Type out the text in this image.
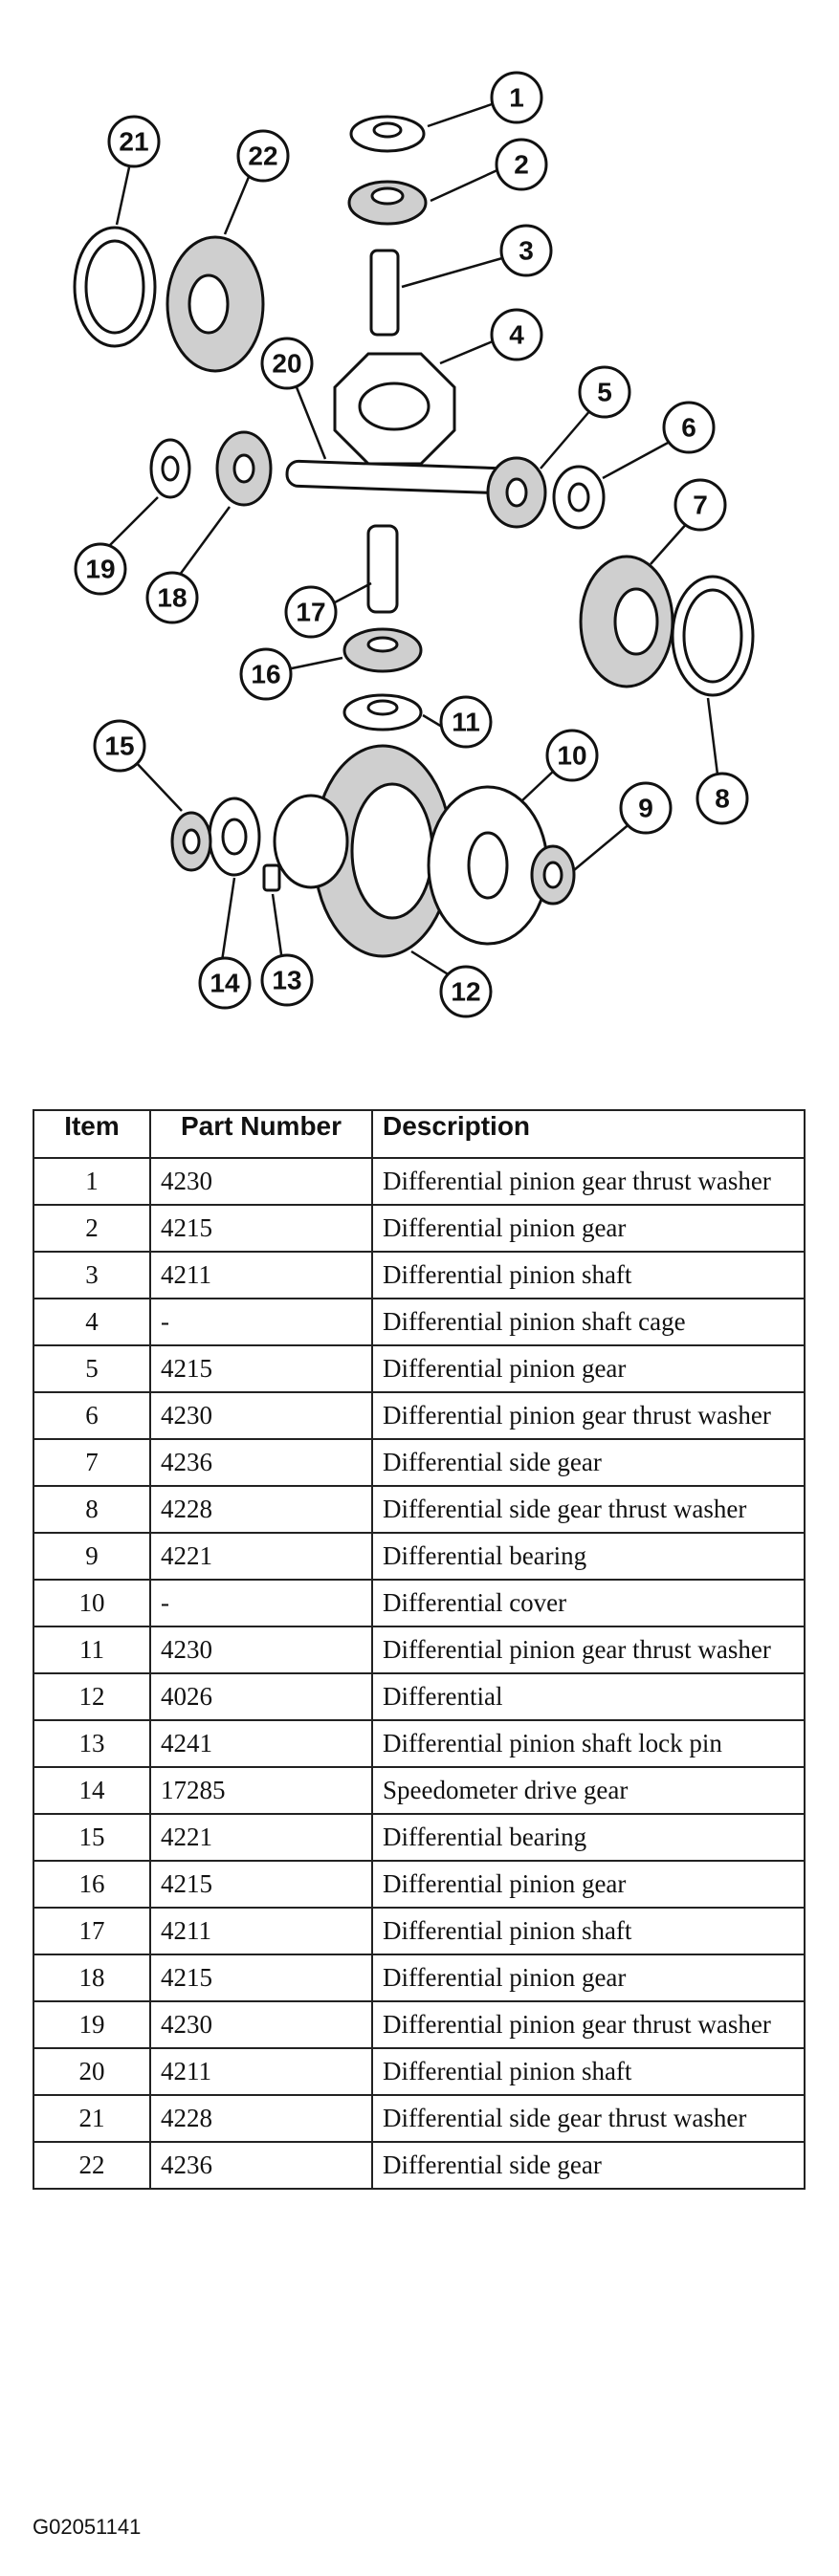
1
2
3
4
20
5
6
7
8
9
10
11
12
13
14
15
16
17
18
19
21	22
Item	Part Number	Description
1	4230	Differential pinion gear thrust washer
2	4215	Differential pinion gear
3	4211	Differential pinion shaft
4	-	Differential pinion shaft cage
5	4215	Differential pinion gear
6	4230	Differential pinion gear thrust washer
7	4236	Differential side gear
8	4228	Differential side gear thrust washer
9	4221	Differential bearing
10	-	Differential cover
11	4230	Differential pinion gear thrust washer
12	4026	Differential
13	4241	Differential pinion shaft lock pin
14	17285	Speedometer drive gear
15	4221	Differential bearing
16	4215	Differential pinion gear
17	4211	Differential pinion shaft
18	4215	Differential pinion gear
19	4230	Differential pinion gear thrust washer
20	4211	Differential pinion shaft
21	4228	Differential side gear thrust washer
22	4236	Differential side gear
G02051141
